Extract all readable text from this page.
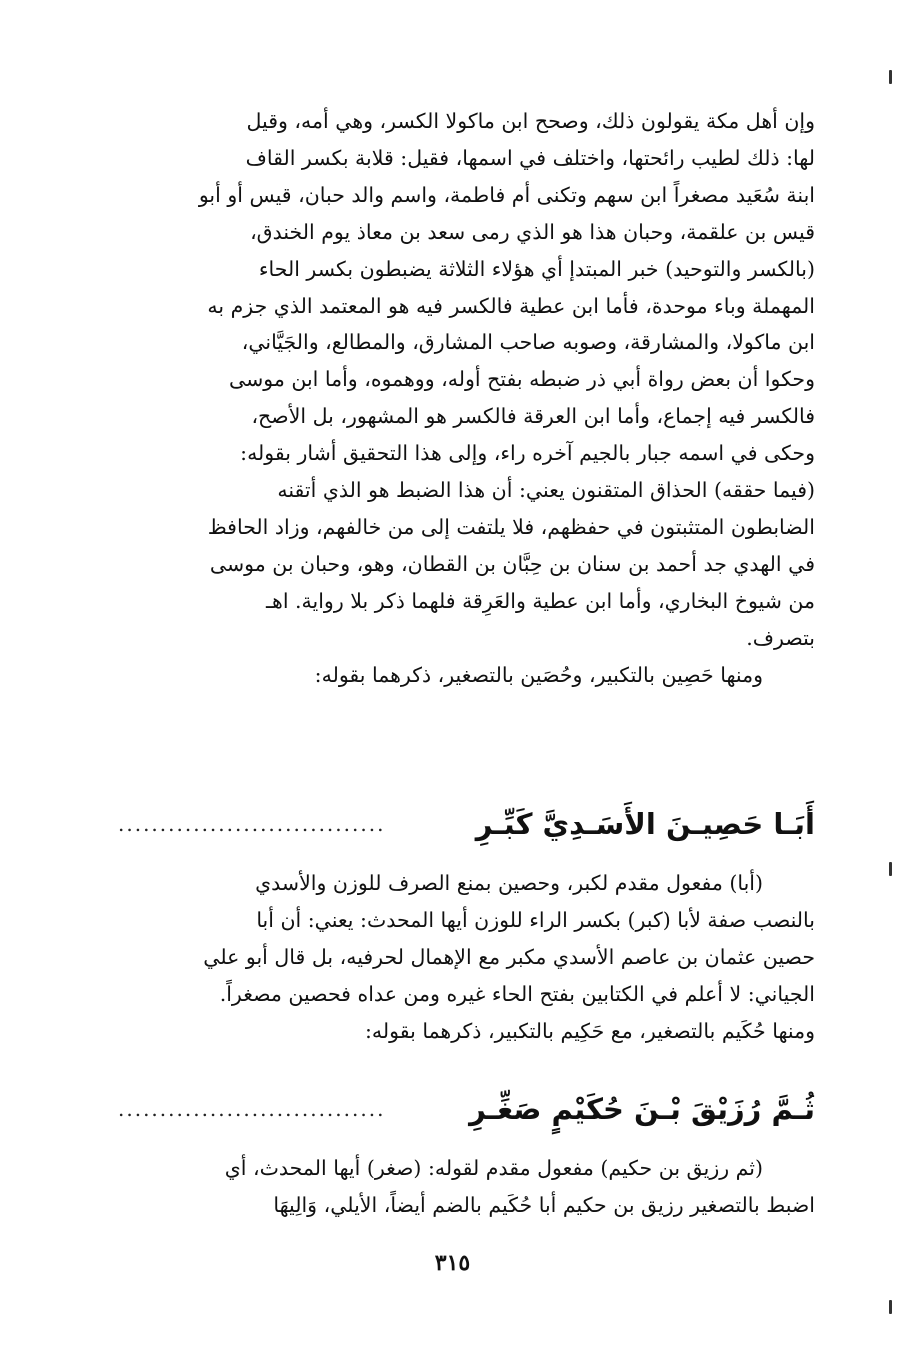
وإن أهل مكة يقولون ذلك، وصحح ابن ماكولا الكسر، وهي أمه، وقيل
لها: ذلك لطيب رائحتها، واختلف في اسمها، فقيل: قلابة بكسر القاف
ابنة سُعَيد مصغراً ابن سهم وتكنى أم فاطمة، واسم والد حبان، قيس أو أبو
قيس بن علقمة، وحبان هذا هو الذي رمى سعد بن معاذ يوم الخندق،
(بالكسر والتوحيد) خبر المبتدإ أي هؤلاء الثلاثة يضبطون بكسر الحاء
المهملة وباء موحدة، فأما ابن عطية فالكسر فيه هو المعتمد الذي جزم به
ابن ماكولا، والمشارقة، وصوبه صاحب المشارق، والمطالع، والجَيَّاني،
وحكوا أن بعض رواة أبي ذر ضبطه بفتح أوله، ووهموه، وأما ابن موسى
فالكسر فيه إجماع، وأما ابن العرقة فالكسر هو المشهور، بل الأصح،
وحكى في اسمه جبار بالجيم آخره راء، وإلى هذا التحقيق أشار بقوله:
(فيما حققه) الحذاق المتقنون يعني: أن هذا الضبط هو الذي أتقنه
الضابطون المتثبتون في حفظهم، فلا يلتفت إلى من خالفهم، وزاد الحافظ
في الهدي جد أحمد بن سنان بن حِبَّان بن القطان، وهو، وحبان بن موسى
من شيوخ البخاري، وأما ابن عطية والعَرِقة فلهما ذكر بلا رواية. اهـ
بتصرف.
ومنها حَصِين بالتكبير، وحُصَين بالتصغير، ذكرهما بقوله:
أَبَـا حَصِيـنَ الأَسَـدِيَّ كَبِّـرِ
................................
(أبا) مفعول مقدم لكبر، وحصين بمنع الصرف للوزن والأسدي
بالنصب صفة لأبا (كبر) بكسر الراء للوزن أيها المحدث: يعني: أن أبا
حصين عثمان بن عاصم الأسدي مكبر مع الإهمال لحرفيه، بل قال أبو علي
الجياني: لا أعلم في الكتابين بفتح الحاء غيره ومن عداه فحصين مصغراً.
ومنها حُكَيم بالتصغير، مع حَكِيم بالتكبير، ذكرهما بقوله:
ثُـمَّ رُزَيْقَ بْـنَ حُكَيْمٍ صَغِّـرِ
................................
(ثم رزيق بن حكيم) مفعول مقدم لقوله: (صغر) أيها المحدث، أي
اضبط بالتصغير رزيق بن حكيم أبا حُكَيم بالضم أيضاً، الأيلي، وَالِيهَا
٣١٥
